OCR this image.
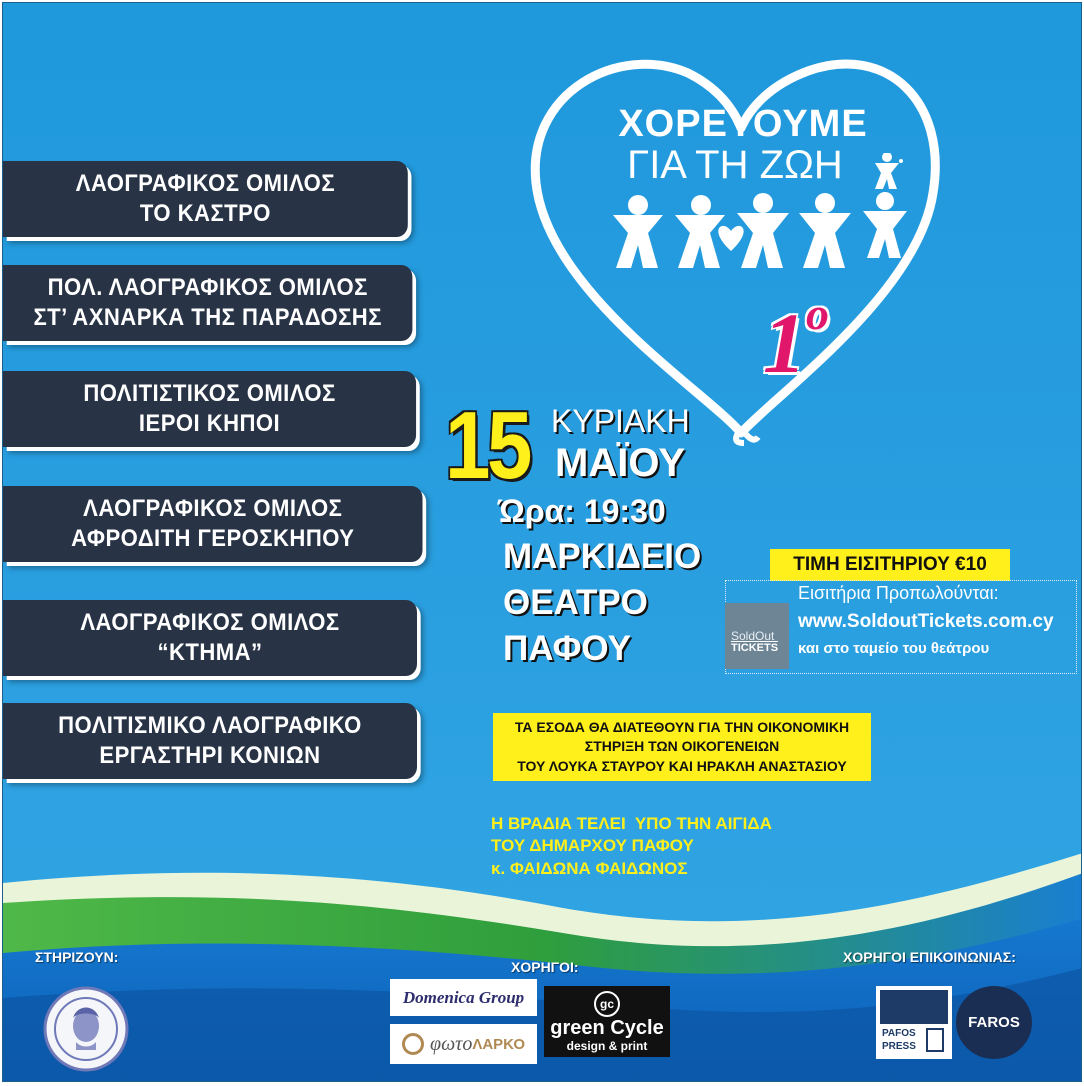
ΧΟΡΕΥΟΥΜΕ
ΓΙΑ ΤΗ ΖΩΗ
$1^o$
ΛΑΟΓΡΑΦΙΚΟΣ ΟΜΙΛΟΣ
ΤΟ ΚΑΣΤΡΟ
ΠΟΛ. ΛΑΟΓΡΑΦΙΚΟΣ ΟΜΙΛΟΣ
ΣΤ’ ΑΧΝΑΡΚΑ ΤΗΣ ΠΑΡΑΔΟΣΗΣ
ΠΟΛΙΤΙΣΤΙΚΟΣ ΟΜΙΛΟΣ
ΙΕΡΟΙ ΚΗΠΟΙ
ΛΑΟΓΡΑΦΙΚΟΣ ΟΜΙΛΟΣ
ΑΦΡΟΔΙΤΗ ΓΕΡΟΣΚΗΠΟΥ
ΛΑΟΓΡΑΦΙΚΟΣ ΟΜΙΛΟΣ
“ΚΤΗΜΑ”
ΠΟΛΙΤΙΣΜΙΚΟ ΛΑΟΓΡΑΦΙΚΟ
ΕΡΓΑΣΤΗΡΙ ΚΟΝΙΩΝ
15 ΚΥΡΙΑΚΗ
ΜΑΪΟΥ
Ώρα: 19:30
ΜΑΡΚΙΔΕΙΟ
ΘΕΑΤΡΟ
ΠΑΦΟΥ
ΤΙΜΗ ΕΙΣΙΤΗΡΙΟΥ €10
SoldOut
TICKETS
Εισιτήρια Προπωλούνται:
www.SoldoutTickets.com.cy
και στο ταμείο του θεάτρου
ΤΑ ΕΣΟΔΑ ΘΑ ΔΙΑΤΕΘΟΥΝ ΓΙΑ ΤΗΝ ΟΙΚΟΝΟΜΙΚΗ
ΣΤΗΡΙΞΗ ΤΩΝ ΟΙΚΟΓΕΝΕΙΩΝ
ΤΟΥ ΛΟΥΚΑ ΣΤΑΥΡΟΥ ΚΑΙ ΗΡΑΚΛΗ ΑΝΑΣΤΑΣΙΟΥ
Η ΒΡΑΔΙΑ ΤΕΛΕΙ  ΥΠΟ ΤΗΝ ΑΙΓΙΔΑ
ΤΟΥ ΔΗΜΑΡΧΟΥ ΠΑΦΟΥ
κ. ΦΑΙΔΩΝΑ ΦΑΙΔΩΝΟΣ
ΣΤΗΡΙΖΟΥΝ:
ΧΟΡΗΓΟΙ:
ΧΟΡΗΓΟΙ ΕΠΙΚΟΙΝΩΝΙΑΣ:
Domenica Group
φωτο ΛΑΡΚΟ
gc
green Cycle
design & print
PAFOS
PRESS
FAROS
